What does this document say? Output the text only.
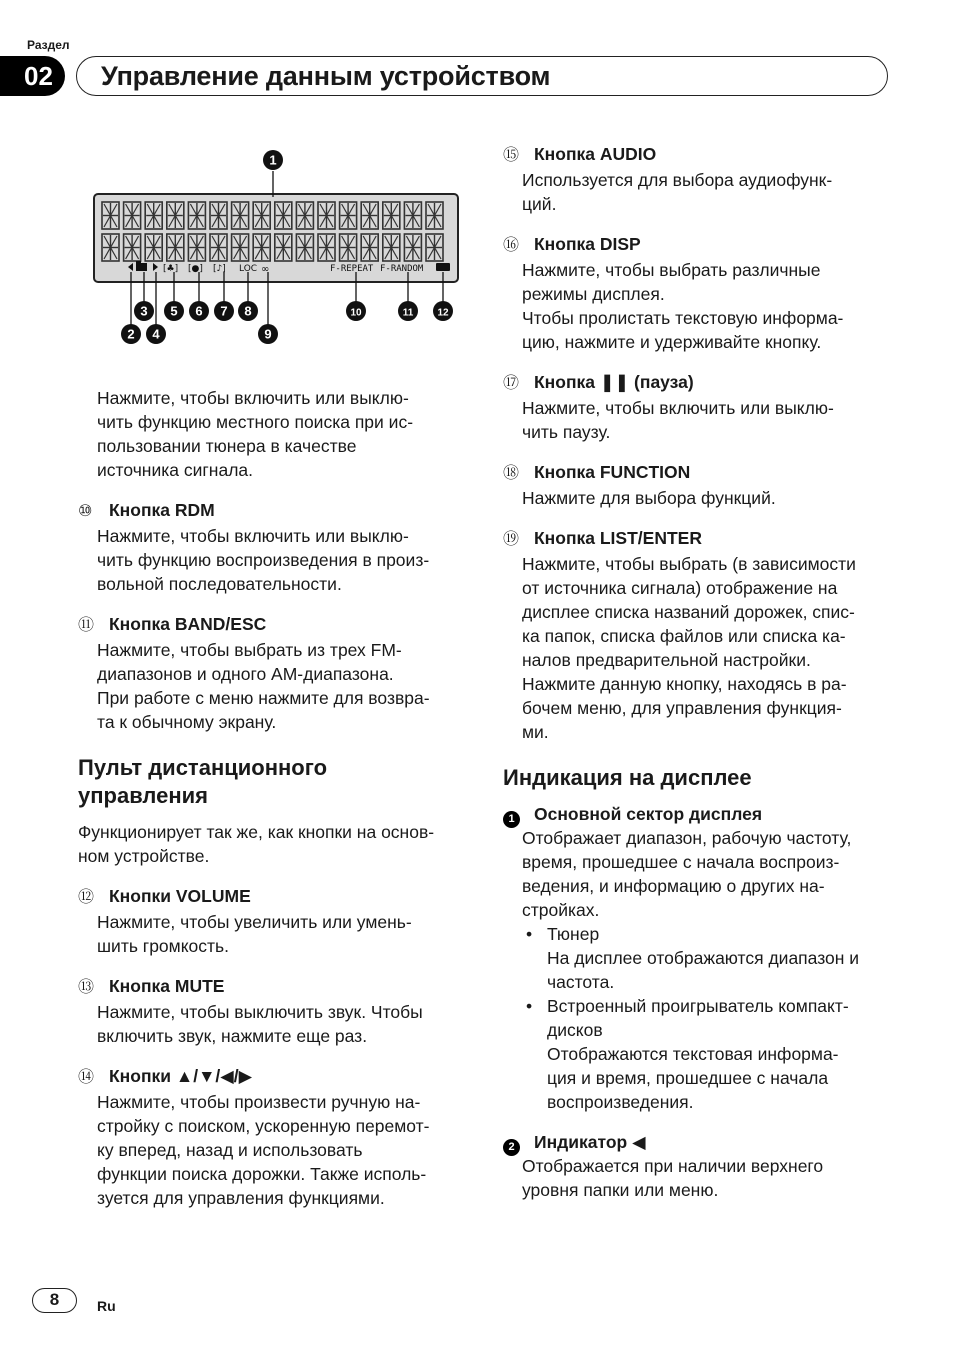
Раздел
02	Управление данным устройством
[♣] [●] [♪] LOC ∞	F-REPEAT F-RANDOM
1
2
3
4
5 6 7 8
9
10	11 12
Нажмите, чтобы включить или выклю-
чить функцию местного поиска при ис-
пользовании тюнера в качестве
источника сигнала.
⑩ Кнопка RDM
Нажмите, чтобы включить или выклю-
чить функцию воспроизведения в произ-
вольной последовательности.
⑪ Кнопка BAND/ESC
Нажмите, чтобы выбрать из трех FM-
диапазонов и одного AM-диапазона.
При работе с меню нажмите для возвра-
та к обычному экрану.
Пульт дистанционного
управления
Функционирует так же, как кнопки на основ-
ном устройстве.
⑫ Кнопки VOLUME
Нажмите, чтобы увеличить или умень-
шить громкость.
⑬ Кнопка MUTE
Нажмите, чтобы выключить звук. Чтобы
включить звук, нажмите еще раз.
⑭ Кнопки ▲/▼/◀/▶
Нажмите, чтобы произвести ручную на-
стройку с поиском, ускоренную перемот-
ку вперед, назад и использовать
функции поиска дорожки. Также исполь-
зуется для управления функциями.
⑮ Кнопка AUDIO
Используется для выбора аудиофунк-
ций.
⑯ Кнопка DISP
Нажмите, чтобы выбрать различные
режимы дисплея.
Чтобы пролистать текстовую информа-
цию, нажмите и удерживайте кнопку.
⑰ Кнопка ❚❚ (пауза)
Нажмите, чтобы включить или выклю-
чить паузу.
⑱ Кнопка FUNCTION
Нажмите для выбора функций.
⑲ Кнопка LIST/ENTER
Нажмите, чтобы выбрать (в зависимости
от источника сигнала) отображение на
дисплее списка названий дорожек, спис-
ка папок, списка файлов или списка ка-
налов предварительной настройки.
Нажмите данную кнопку, находясь в ра-
бочем меню, для управления функция-
ми.
Индикация на дисплее
1	Основной сектор дисплея
Отображает диапазон, рабочую частоту,
время, прошедшее с начала воспроиз-
ведения, и информацию о других на-
стройках.
• Тюнер
На дисплее отображаются диапазон и
частота.
• Встроенный проигрыватель компакт-
дисков
Отображаются текстовая информа-
ция и время, прошедшее с начала
воспроизведения.
2	Индикатор ◀
Отображается при наличии верхнего
уровня папки или меню.
8	Ru
